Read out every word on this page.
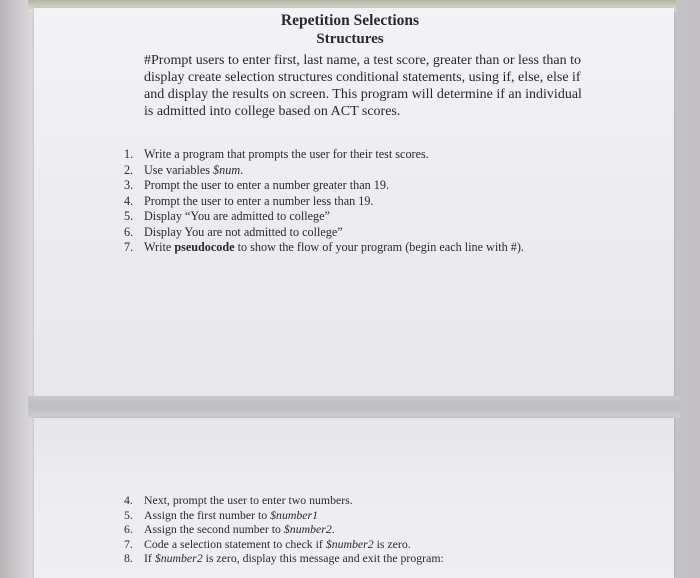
Repetition Selections
Structures
#Prompt users to enter first, last name, a test score, greater than or less than to display create selection structures conditional statements, using if, else, else if and display the results on screen. This program will determine if an individual is admitted into college based on ACT scores.
1. Write a program that prompts the user for their test scores.
2. Use variables $num.
3. Prompt the user to enter a number greater than 19.
4. Prompt the user to enter a number less than 19.
5. Display “You are admitted to college”
6. Display You are not admitted to college”
7. Write pseudocode to show the flow of your program (begin each line with #).
4. Next, prompt the user to enter two numbers.
5. Assign the first number to $number1
6. Assign the second number to $number2.
7. Code a selection statement to check if $number2 is zero.
8. If $number2 is zero, display this message and exit the program:
